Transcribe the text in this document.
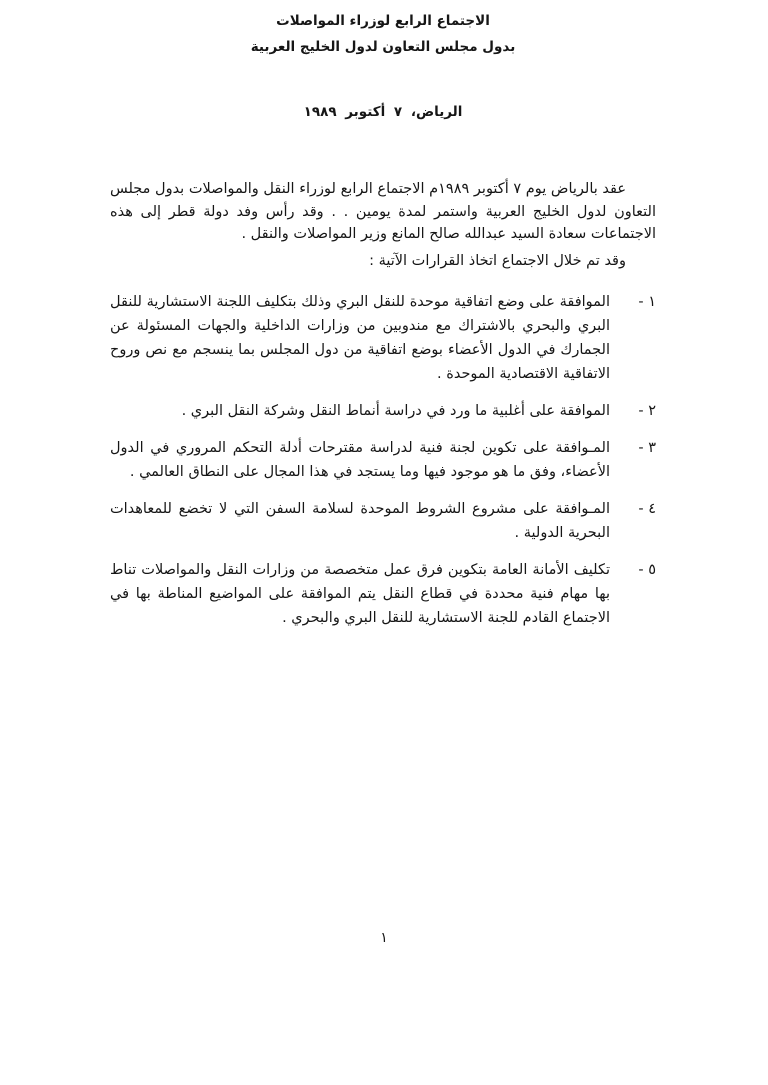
الاجتماع الرابع لوزراء المواصلات
بدول مجلس التعاون لدول الخليج العربية
الرياض، ٧ أكتوبر ١٩٨٩

عقد بالرياض يوم ٧ أكتوبر ١٩٨٩م الاجتماع الرابع لوزراء النقل والمواصلات بدول مجلس التعاون لدول الخليج العربية واستمر لمدة يومين . . وقد رأس وفد دولة قطر إلى هذه الاجتماعات سعادة السيد عبدالله صالح المانع وزير المواصلات والنقل .

وقد تم خلال الاجتماع اتخاذ القرارات الآتية :

١ -
الموافقة على وضع اتفاقية موحدة للنقل البري وذلك بتكليف اللجنة الاستشارية للنقل البري والبحري بالاشتراك مع مندوبين من وزارات الداخلية والجهات المسئولة عن الجمارك في الدول الأعضاء بوضع اتفاقية من دول المجلس بما ينسجم مع نص وروح الاتفاقية الاقتصادية الموحدة .
٢ -
الموافقة على أغلبية ما ورد في دراسة أنماط النقل وشركة النقل البري .
٣ -
المـوافقة على تكوين لجنة فنية لدراسة مقترحات أدلة التحكم المروري في الدول الأعضاء، وفق ما هو موجود فيها وما يستجد في هذا المجال على النطاق العالمي .
٤ -
المـوافقة على مشروع الشروط الموحدة لسلامة السفن التي لا تخضع للمعاهدات البحرية الدولية .
٥ -
تكليف الأمانة العامة بتكوين فرق عمل متخصصة من وزارات النقل والمواصلات تناط بها مهام فنية محددة في قطاع النقل يتم الموافقة على المواضيع المناطة بها في الاجتماع القادم للجنة الاستشارية للنقل البري والبحري .
١
